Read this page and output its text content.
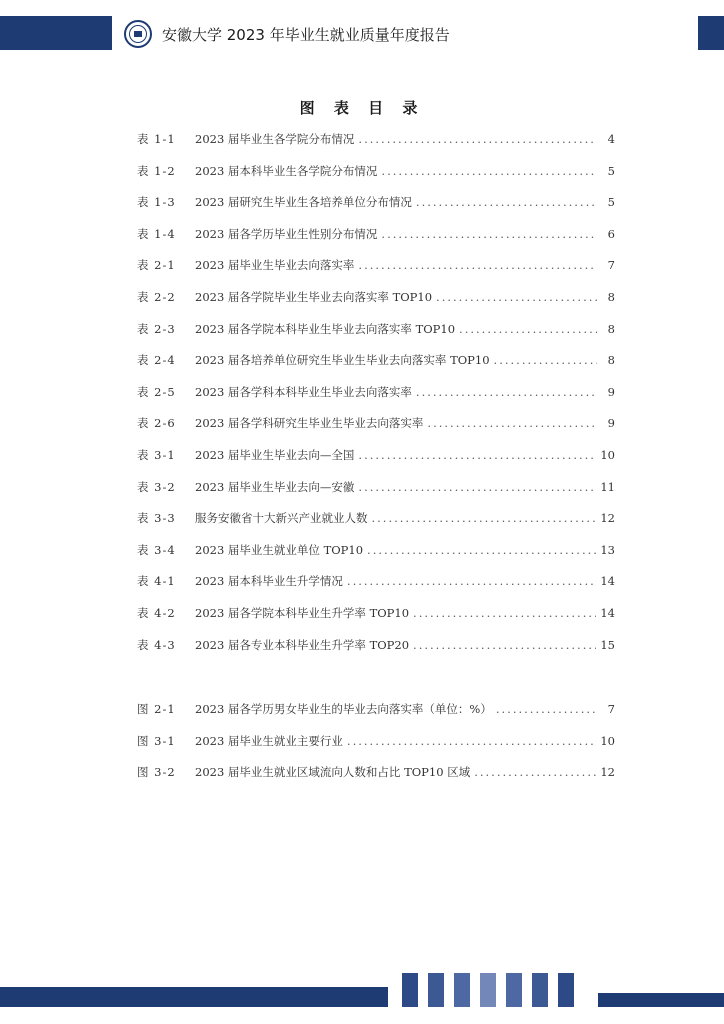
安徽大学 2023 年毕业生就业质量年度报告
图 表 目 录
表 1-1	2023 届毕业生各学院分布情况 .....	4
表 1-2	2023 届本科毕业生各学院分布情况 .....	5
表 1-3	2023 届研究生毕业生各培养单位分布情况 .....	5
表 1-4	2023 届各学历毕业生性别分布情况 .....	6
表 2-1	2023 届毕业生毕业去向落实率 .....	7
表 2-2	2023 届各学院毕业生毕业去向落实率 TOP10 .....	8
表 2-3	2023 届各学院本科毕业生毕业去向落实率 TOP10 .....	8
表 2-4	2023 届各培养单位研究生毕业生毕业去向落实率 TOP10 .....	8
表 2-5	2023 届各学科本科毕业生毕业去向落实率 .....	9
表 2-6	2023 届各学科研究生毕业生毕业去向落实率 .....	9
表 3-1	2023 届毕业生毕业去向—全国 .....	10
表 3-2	2023 届毕业生毕业去向—安徽 .....	11
表 3-3	服务安徽省十大新兴产业就业人数 .....	12
表 3-4	2023 届毕业生就业单位 TOP10 .....	13
表 4-1	2023 届本科毕业生升学情况 .....	14
表 4-2	2023 届各学院本科毕业生升学率 TOP10 .....	14
表 4-3	2023 届各专业本科毕业生升学率 TOP20 .....	15
图 2-1	2023 届各学历男女毕业生的毕业去向落实率（单位：%） .....	7
图 3-1	2023 届毕业生就业主要行业 .....	10
图 3-2	2023 届毕业生就业区域流向人数和占比 TOP10 区域 .....	12
